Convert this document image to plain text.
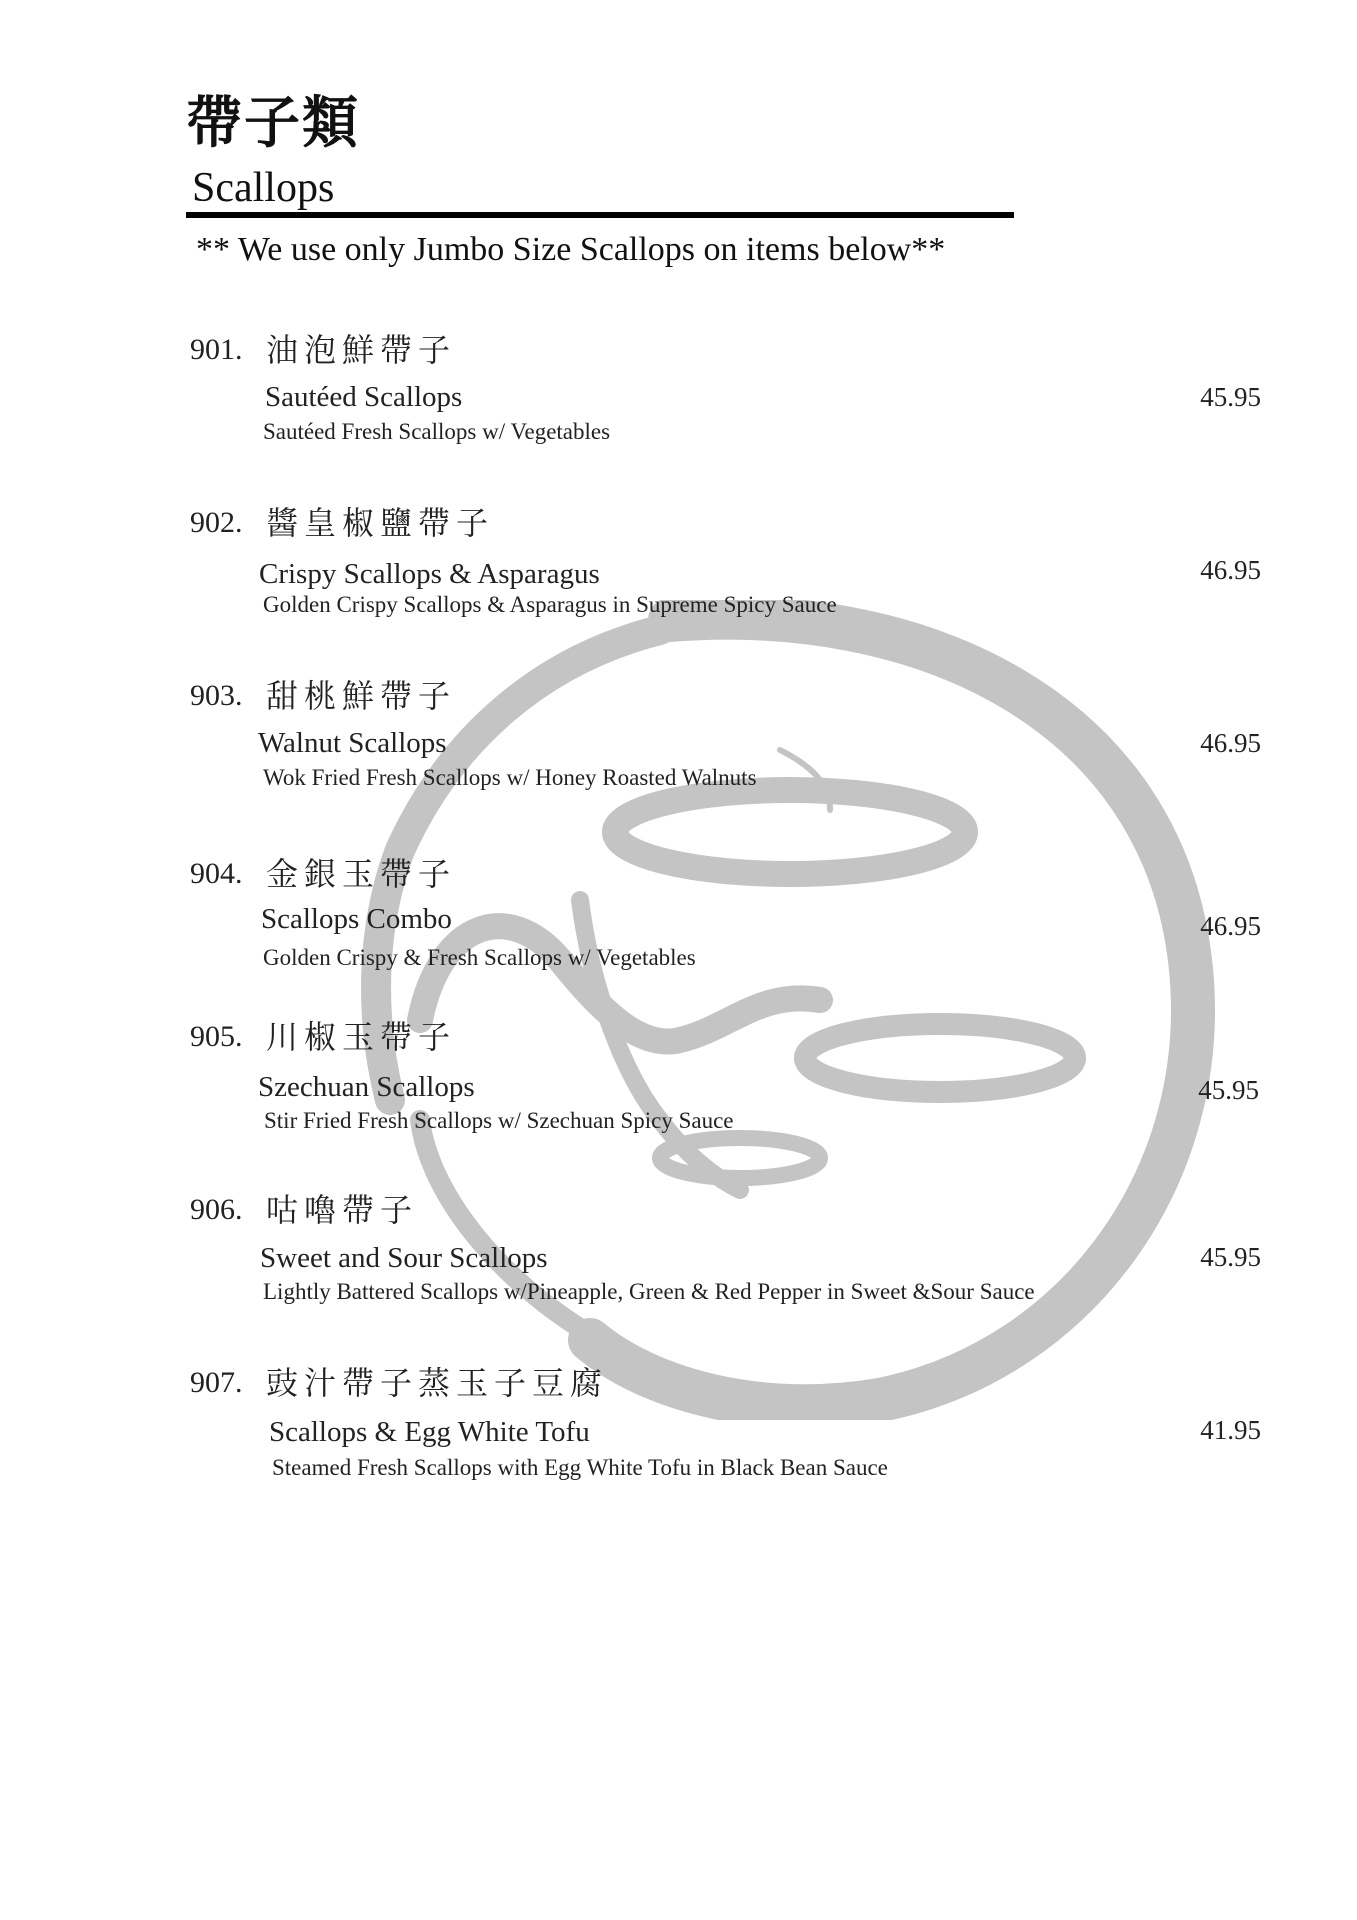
帶子類
Scallops
** We use only Jumbo Size Scallops on items below**
901. 油泡鮮帶子
Sautéed Scallops
Sautéed Fresh Scallops w/ Vegetables
45.95
902. 醬皇椒鹽帶子
Crispy Scallops & Asparagus
Golden Crispy Scallops & Asparagus in Supreme Spicy Sauce
46.95
903. 甜桃鮮帶子
Walnut Scallops
Wok Fried Fresh Scallops w/ Honey Roasted Walnuts
46.95
904. 金銀玉帶子
Scallops Combo
Golden Crispy & Fresh Scallops w/ Vegetables
46.95
905. 川椒玉帶子
Szechuan Scallops
Stir Fried Fresh Scallops w/ Szechuan Spicy Sauce
45.95
906. 咕嚕帶子
Sweet and Sour Scallops
Lightly Battered Scallops w/Pineapple, Green & Red Pepper in Sweet &Sour Sauce
45.95
907. 豉汁帶子蒸玉子豆腐
Scallops & Egg White Tofu
Steamed Fresh Scallops with Egg White Tofu in Black Bean Sauce
41.95
